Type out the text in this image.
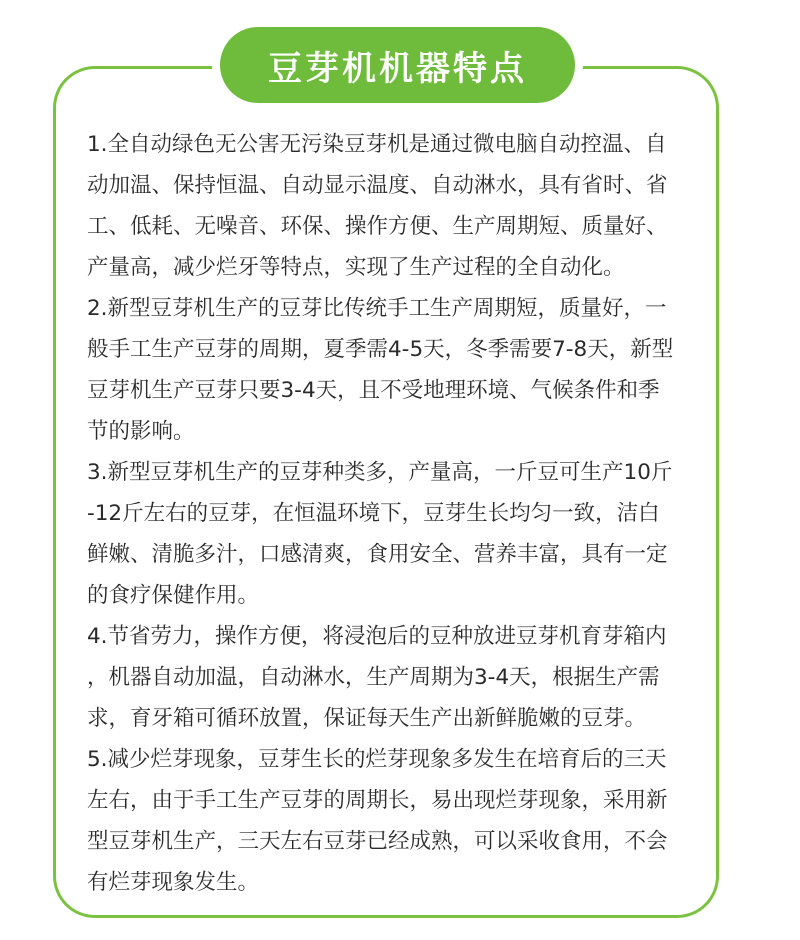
豆芽机机器特点
1.全自动绿色无公害无污染豆芽机是通过微电脑自动控温、自
动加温、保持恒温、自动显示温度、自动淋水，具有省时、省
工、低耗、无噪音、环保、操作方便、生产周期短、质量好、
产量高，减少烂牙等特点，实现了生产过程的全自动化。
2.新型豆芽机生产的豆芽比传统手工生产周期短，质量好，一
般手工生产豆芽的周期，夏季需4-5天，冬季需要7-8天，新型
豆芽机生产豆芽只要3-4天，且不受地理环境、气候条件和季
节的影响。
3.新型豆芽机生产的豆芽种类多，产量高，一斤豆可生产10斤
-12斤左右的豆芽，在恒温环境下，豆芽生长均匀一致，洁白
鲜嫩、清脆多汁，口感清爽，食用安全、营养丰富，具有一定
的食疗保健作用。
4.节省劳力，操作方便，将浸泡后的豆种放进豆芽机育芽箱内
，机器自动加温，自动淋水，生产周期为3-4天，根据生产需
求，育牙箱可循环放置，保证每天生产出新鲜脆嫩的豆芽。
5.减少烂芽现象，豆芽生长的烂芽现象多发生在培育后的三天
左右，由于手工生产豆芽的周期长，易出现烂芽现象，采用新
型豆芽机生产，三天左右豆芽已经成熟，可以采收食用，不会
有烂芽现象发生。
